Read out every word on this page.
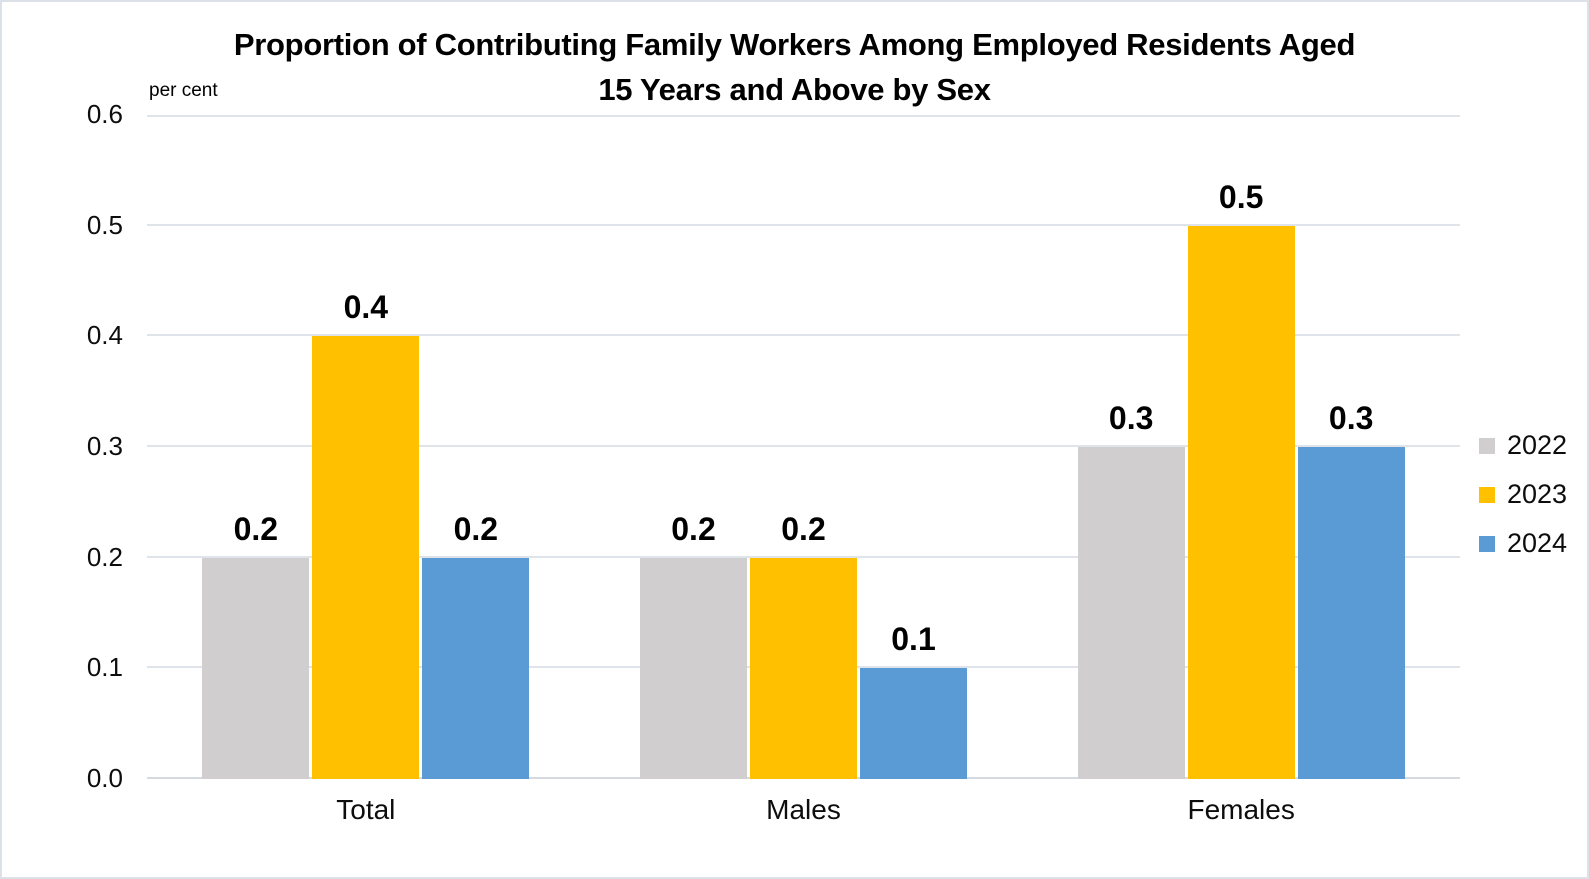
Proportion of Contributing Family Workers Among Employed Residents Aged
15 Years and Above by Sex
per cent
0.0
0.1
0.2
0.3
0.4
0.5
0.6
0.2
0.4
0.2	0.2 0.2
0.1
0.3
0.5
0.3
Total	Males	Females
2022
2023
2024
